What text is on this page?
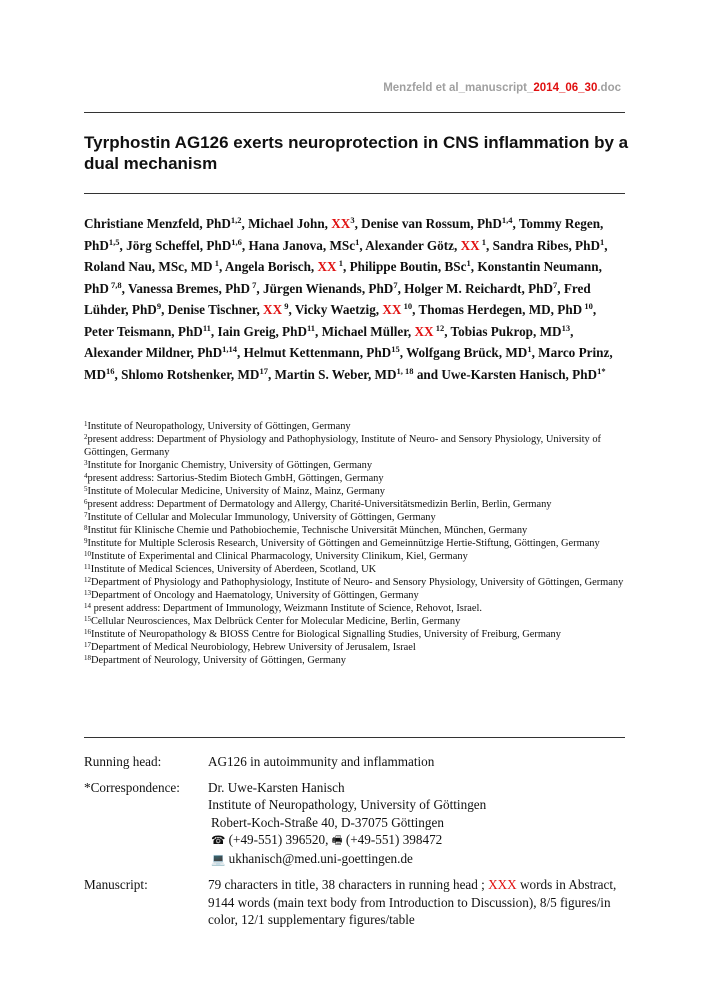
Menzfeld et al_manuscript_2014_06_30.doc
Tyrphostin AG126 exerts neuroprotection in CNS inflammation by a dual mechanism
Christiane Menzfeld, PhD$^{1,2}$, Michael John, $XX^3$, Denise van Rossum, PhD$^{1,4}$, Tommy Regen, PhD$^{1,5}$, Jörg Scheffel, PhD$^{1,6}$, Hana Janova, MSc$^1$, Alexander Götz, XX $^1$, Sandra Ribes, PhD$^1$, Roland Nau, MSc, MD $^1$, Angela Borisch, XX $^1$, Philippe Boutin, BSc$^1$, Konstantin Neumann, PhD $^{7,8}$, Vanessa Bremes, PhD $^7$, Jürgen Wienands, PhD$^7$, Holger M. Reichardt, PhD$^7$, Fred Lühder, PhD$^9$, Denise Tischner, XX $^9$, Vicky Waetzig, XX $^{10}$, Thomas Herdegen, MD, PhD $^{10}$, Peter Teismann, PhD$^{11}$, Iain Greig, PhD$^{11}$, Michael Müller, XX $^{12}$, Tobias Pukrop, MD$^{13}$, Alexander Mildner, PhD$^{1,14}$, Helmut Kettenmann, PhD$^{15}$, Wolfgang Brück, $MD^1$, Marco Prinz, MD$^{16}$, Shlomo Rotshenker, MD$^{17}$, Martin S. Weber, MD$^{1, 18}$ and Uwe-Karsten Hanisch, PhD$^{1*}$
$^1$Institute of Neuropathology, University of Göttingen, Germany
$^2$present address: Department of Physiology and Pathophysiology, Institute of Neuro- and Sensory Physiology, University of Göttingen, Germany
$^3$Institute for Inorganic Chemistry, University of Göttingen, Germany
$^4$present address: Sartorius-Stedim Biotech GmbH, Göttingen, Germany
$^5$Institute of Molecular Medicine, University of Mainz, Mainz, Germany
$^6$present address: Department of Dermatology and Allergy, Charité-Universitätsmedizin Berlin, Berlin, Germany
$^7$Institute of Cellular and Molecular Immunology, University of Göttingen, Germany
$^8$Institut für Klinische Chemie und Pathobiochemie, Technische Universität München, München, Germany
$^9$Institute for Multiple Sclerosis Research, University of Göttingen and Gemeinnützige Hertie-Stiftung, Göttingen, Germany
$^{10}$Institute of Experimental and Clinical Pharmacology, University Clinikum, Kiel, Germany
$^{11}$Institute of Medical Sciences, University of Aberdeen, Scotland, UK
$^{12}$Department of Physiology and Pathophysiology, Institute of Neuro- and Sensory Physiology, University of Göttingen, Germany
$^{13}$Department of Oncology and Haematology, University of Göttingen, Germany
$^{14}$ present address: Department of Immunology, Weizmann Institute of Science, Rehovot, Israel.
$^{15}$Cellular Neurosciences, Max Delbrück Center for Molecular Medicine, Berlin, Germany
$^{16}$Institute of Neuropathology & BIOSS Centre for Biological Signalling Studies, University of Freiburg, Germany
$^{17}$Department of Medical Neurobiology, Hebrew University of Jerusalem, Israel
$^{18}$Department of Neurology, University of Göttingen, Germany
Running head:	AG126 in autoimmunity and inflammation
*Correspondence:	Dr. Uwe-Karsten Hanisch
Institute of Neuropathology, University of Göttingen
Robert-Koch-Straße 40, D-37075 Göttingen
☎ (+49-551) 396520, 🖷 (+49-551) 398472
💻 ukhanisch@med.uni-goettingen.de
Manuscript:	79 characters in title, 38 characters in running head ; XXX words in Abstract, 9144 words (main text body from Introduction to Discussion), 8/5 figures/in color, 12/1 supplementary figures/table
